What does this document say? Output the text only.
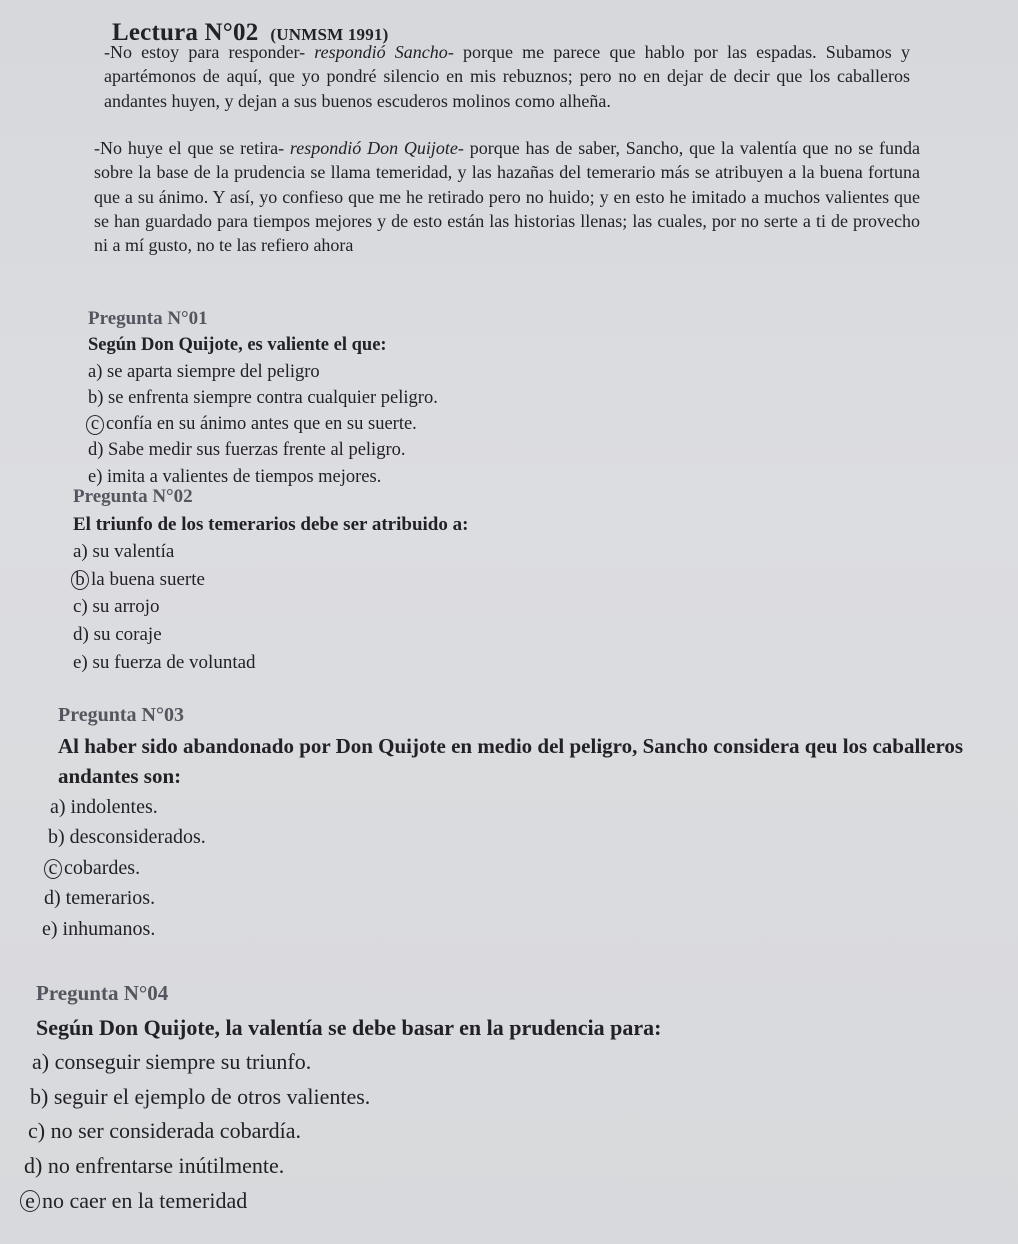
Lectura N°02 (UNMSM 1991)

-No estoy para responder- respondió Sancho- porque me parece que hablo por las espadas. Subamos y apartémonos de aquí, que yo pondré silencio en mis rebuznos; pero no en dejar de decir que los caballeros andantes huyen, y dejan a sus buenos escuderos molinos como alheña.

-No huye el que se retira- respondió Don Quijote- porque has de saber, Sancho, que la valentía que no se funda sobre la base de la prudencia se llama temeridad, y las hazañas del temerario más se atribuyen a la buena fortuna que a su ánimo. Y así, yo confieso que me he retirado pero no huido; y en esto he imitado a muchos valientes que se han guardado para tiempos mejores y de esto están las historias llenas; las cuales, por no serte a ti de provecho ni a mí gusto, no te las refiero ahora

Pregunta N°01

Según Don Quijote, es valiente el que:

a) se aparta siempre del peligro

b) se enfrenta siempre contra cualquier peligro.

c confía en su ánimo antes que en su suerte.

d) Sabe medir sus fuerzas frente al peligro.

e) imita a valientes de tiempos mejores.

Pregunta N°02

El triunfo de los temerarios debe ser atribuido a:

a) su valentía

b la buena suerte

c) su arrojo

d) su coraje

e) su fuerza de voluntad

Pregunta N°03

Al haber sido abandonado por Don Quijote en medio del peligro, Sancho considera qeu los caballeros andantes son:

a) indolentes.

b) desconsiderados.

c cobardes.

d) temerarios.

e) inhumanos.

Pregunta N°04

Según Don Quijote, la valentía se debe basar en la prudencia para:

a) conseguir siempre su triunfo.

b) seguir el ejemplo de otros valientes.

c) no ser considerada cobardía.

d) no enfrentarse inútilmente.

e no caer en la temeridad
